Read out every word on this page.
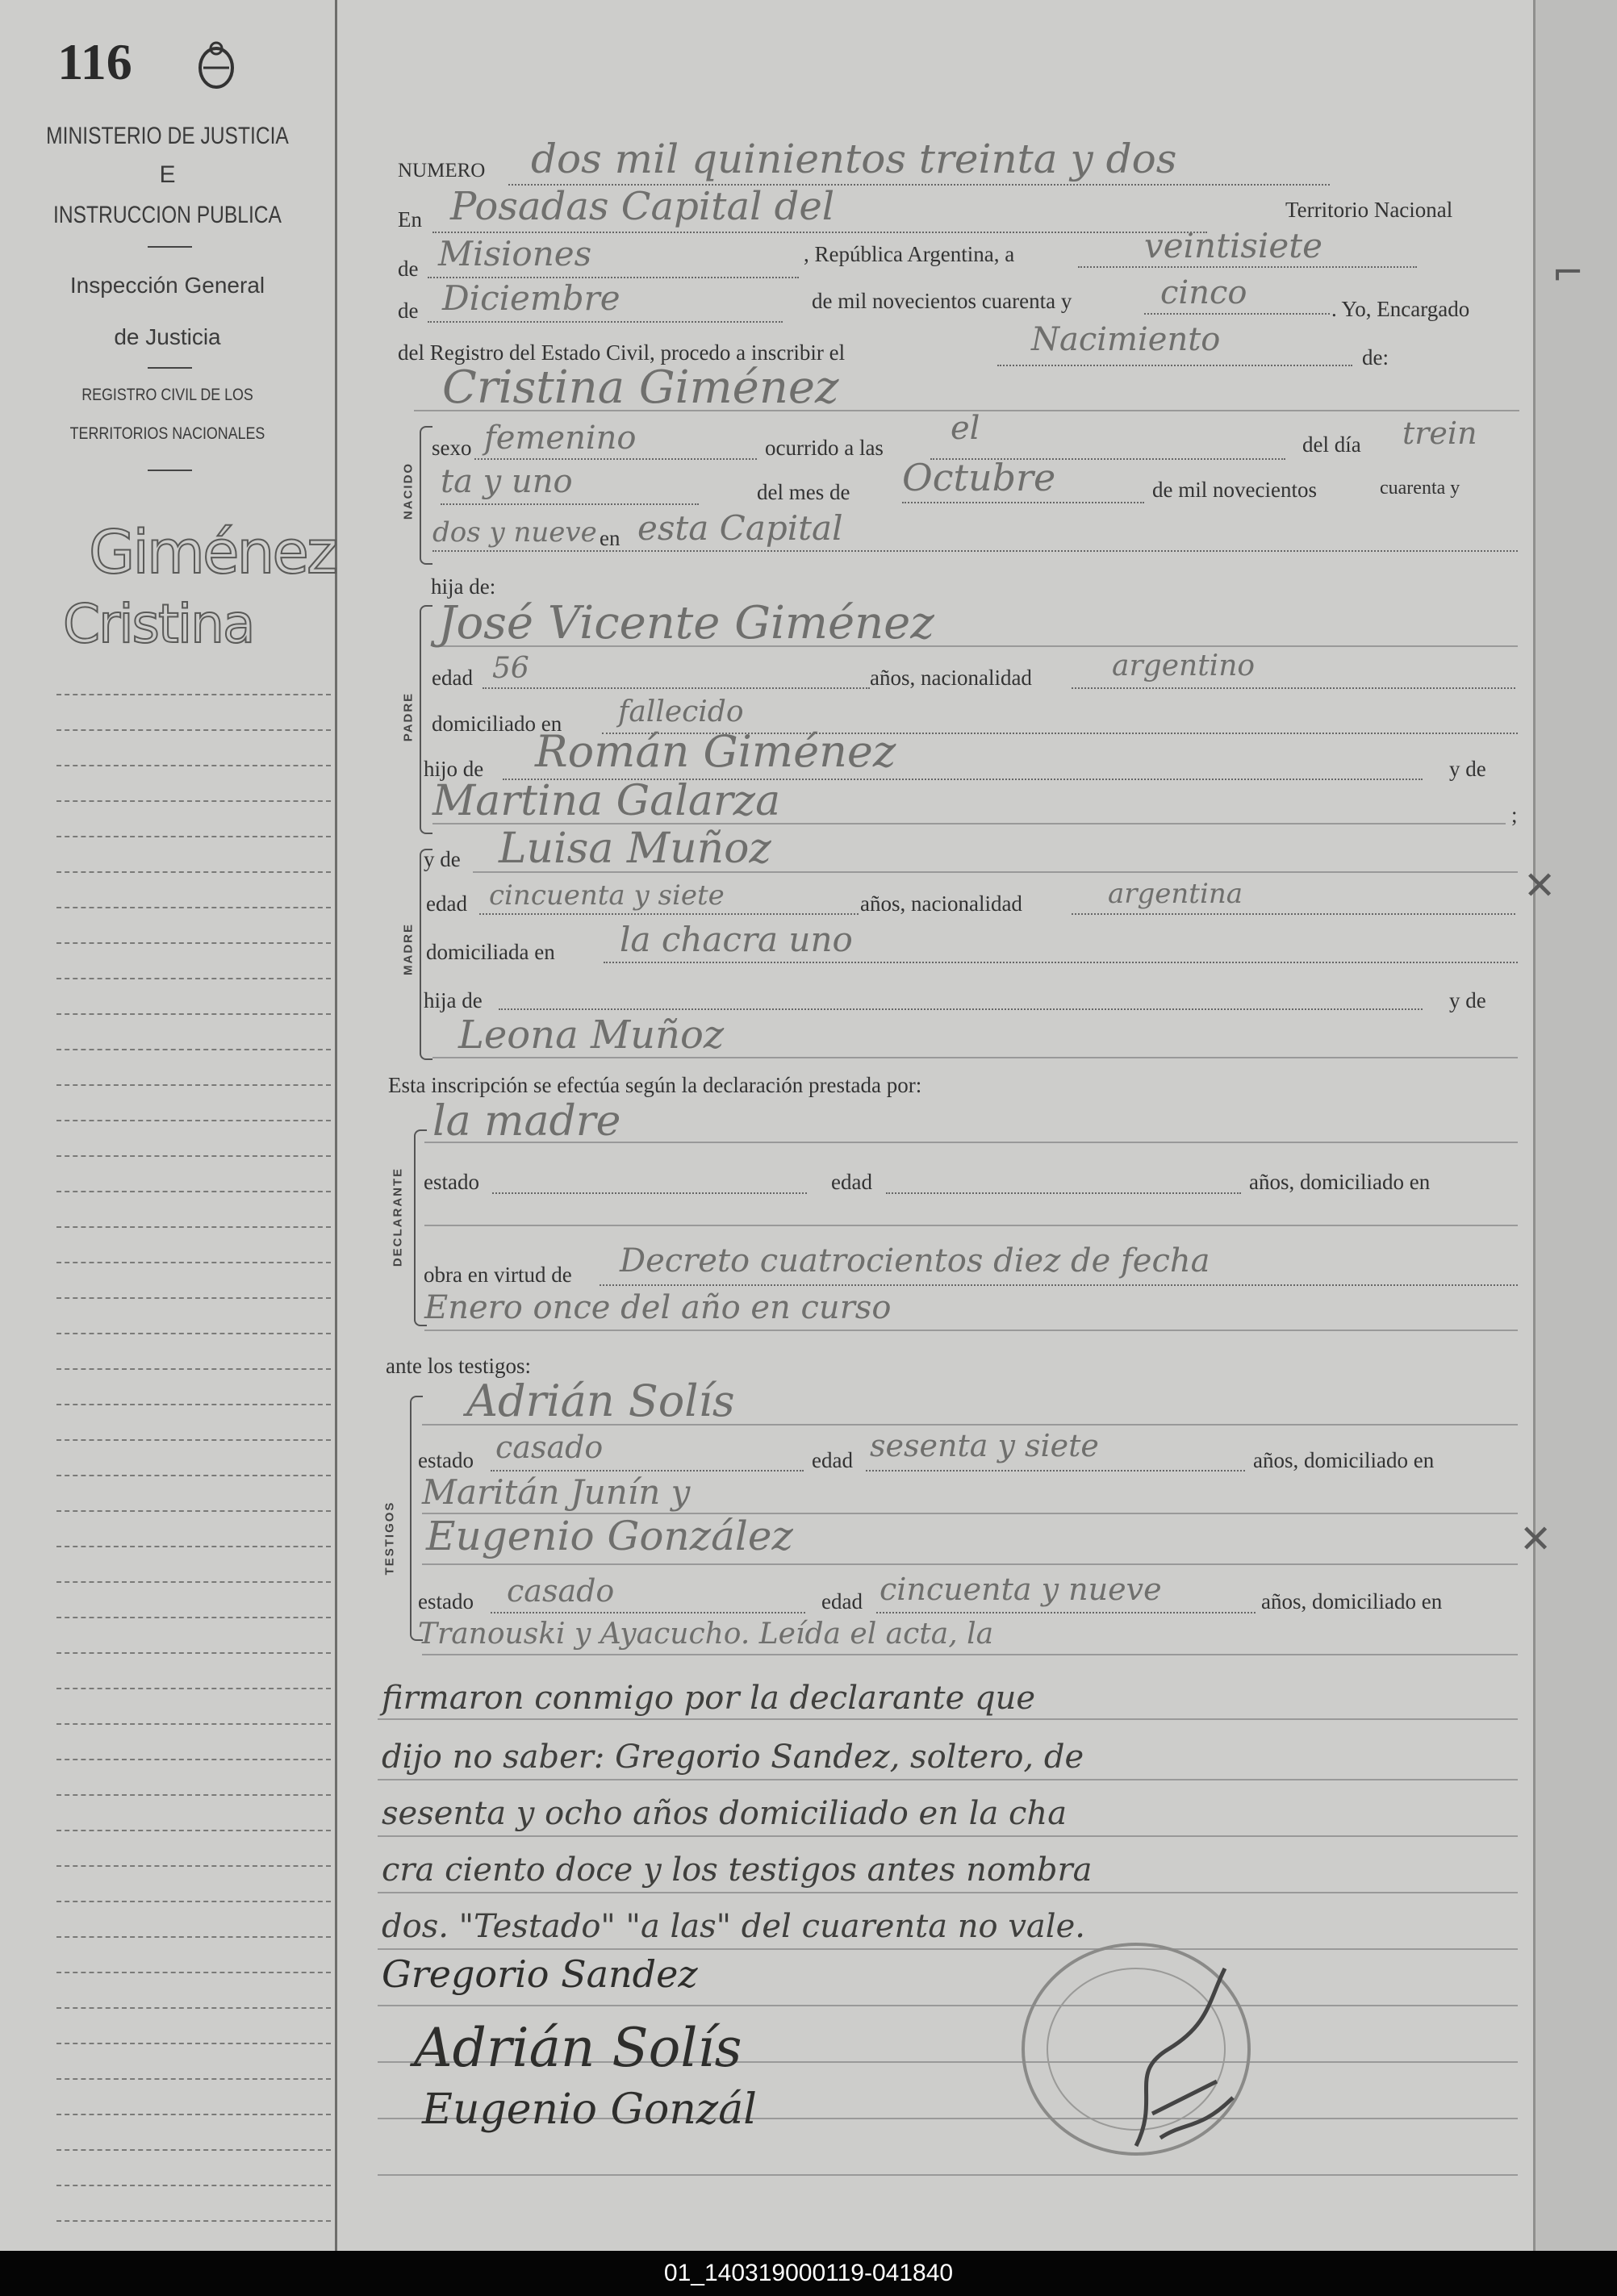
116
MINISTERIO DE JUSTICIA
E
INSTRUCCION PUBLICA
Inspección General
de Justicia
REGISTRO CIVIL DE LOS
TERRITORIOS NACIONALES
Giménez
Cristina
NUMERO dos mil quinientos treinta y dos
En Posadas Capital del	Territorio Nacional
de Misiones	, República Argentina, a	veintisiete
de Diciembre	de mil novecientos cuarenta y	cinco	. Yo, Encargado
del Registro del Estado Civil, procedo a inscribir el	Nacimiento	de:
Cristina Giménez
NACIDO
sexo femenino	ocurrido a las
el	del día trein
ta y uno	del mes de Octubre	de mil novecientos	cuarenta y
dos y nueve en esta Capital
hija de:
PADRE
José Vicente Giménez
edad 56	años, nacionalidad	argentino
domiciliado en fallecido
hijo de Román Giménez	y de
Martina Galarza	;
MADRE
y de Luisa Muñoz
edad cincuenta y siete	años, nacionalidad	argentina
domiciliada en la chacra uno
hija de	y de
Leona Muñoz
Esta inscripción se efectúa según la declaración prestada por:
DECLARANTE
la madre
estado	edad	años, domiciliado en
obra en virtud de Decreto cuatrocientos diez de fecha
Enero once del año en curso
ante los testigos:
TESTIGOS
Adrián Solís
estado casado	edad sesenta y siete	años, domiciliado en
Maritán Junín y
Eugenio González
estado casado	edad cincuenta y nueve	años, domiciliado en
Tranouski y Ayacucho. Leída el acta, la
firmaron conmigo por la declarante que
dijo no saber: Gregorio Sandez, soltero, de
sesenta y ocho años domiciliado en la cha
cra ciento doce y los testigos antes nombra
dos. "Testado" "a las" del cuarenta no vale.
Gregorio Sandez
Adrián Solís
Eugenio Gonzál
⌐
✕
✕
01_140319000119-041840
